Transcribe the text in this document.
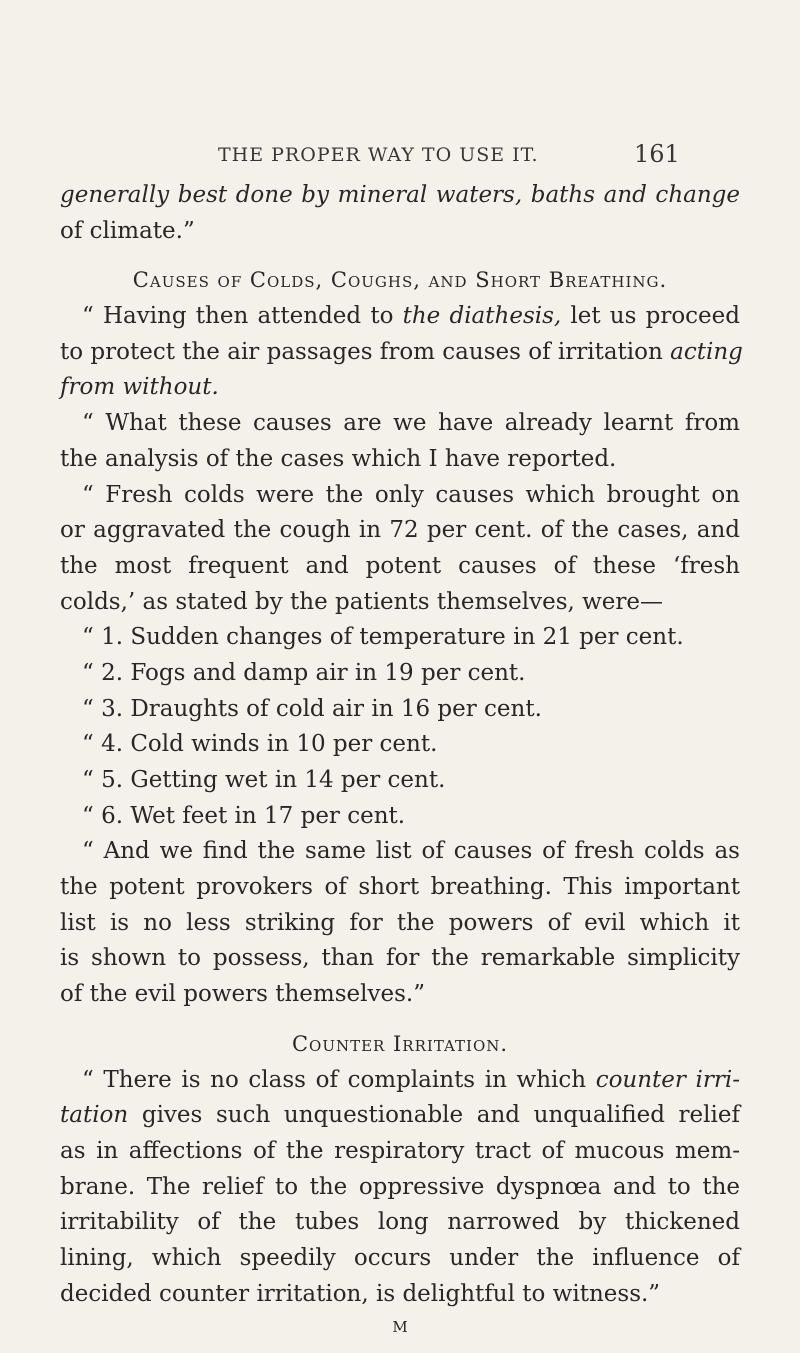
THE PROPER WAY TO USE IT.	161
generally best done by mineral waters, baths and change
of climate.”
Causes of Colds, Coughs, and Short Breathing.
“ Having then attended to the diathesis, let us proceed
to protect the air passages from causes of irritation acting
from without.
“ What these causes are we have already learnt from
the analysis of the cases which I have reported.
“ Fresh colds were the only causes which brought on
or aggravated the cough in 72 per cent. of the cases, and
the most frequent and potent causes of these ‘fresh
colds,’ as stated by the patients themselves, were—
“ 1. Sudden changes of temperature in 21 per cent.
“ 2. Fogs and damp air in 19 per cent.
“ 3. Draughts of cold air in 16 per cent.
“ 4. Cold winds in 10 per cent.
“ 5. Getting wet in 14 per cent.
“ 6. Wet feet in 17 per cent.
“ And we find the same list of causes of fresh colds as
the potent provokers of short breathing. This important
list is no less striking for the powers of evil which it
is shown to possess, than for the remarkable simplicity
of the evil powers themselves.”
Counter Irritation.
“ There is no class of complaints in which counter irri-
tation gives such unquestionable and unqualified relief
as in affections of the respiratory tract of mucous mem-
brane. The relief to the oppressive dyspnœa and to the
irritability of the tubes long narrowed by thickened
lining, which speedily occurs under the influence of
decided counter irritation, is delightful to witness.”
M
